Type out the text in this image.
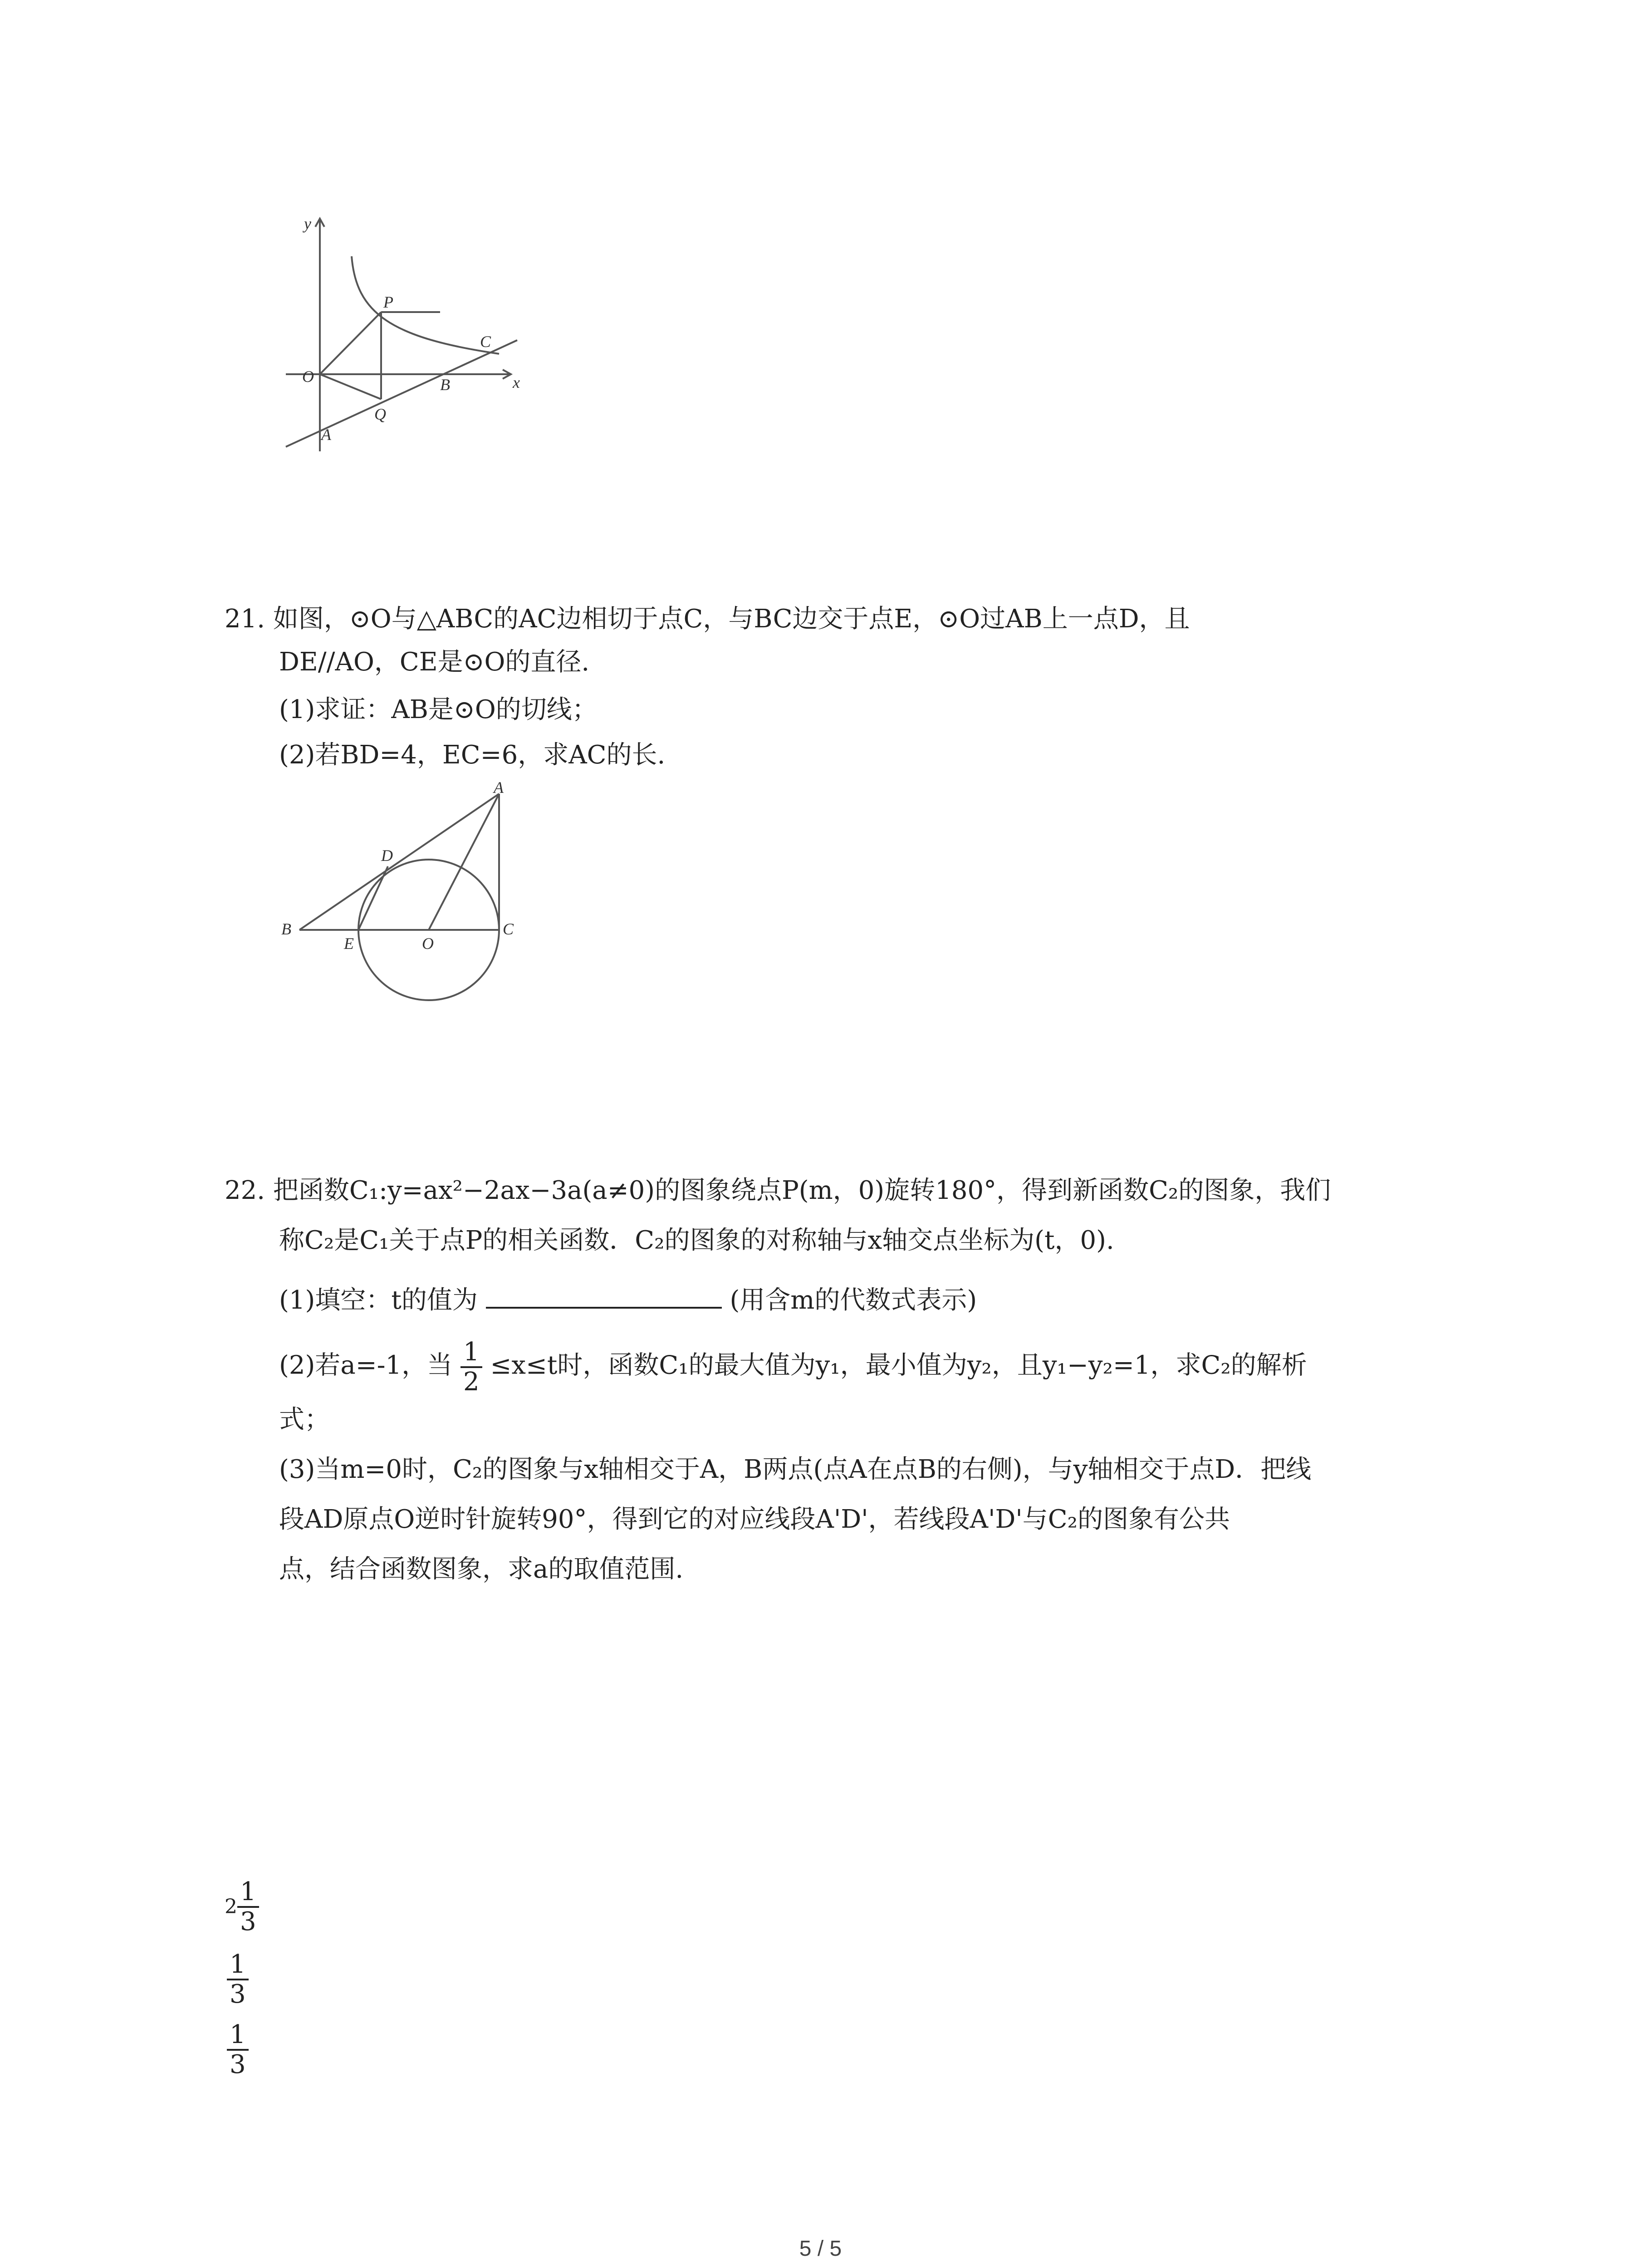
y
x
P
C
O	B
Q
A
21. 如图，⊙O与△ABC的AC边相切于点C，与BC边交于点E，⊙O过AB上一点D，且
DE//AO，CE是⊙O的直径.
(1)求证：AB是⊙O的切线；
(2)若BD=4，EC=6，求AC的长.
A
D
B
E	O
C
22. 把函数C₁:y=ax²−2ax−3a(a≠0)的图象绕点P(m，0)旋转180°，得到新函数C₂的图象，我们
称C₂是C₁关于点P的相关函数．C₂的图象的对称轴与x轴交点坐标为(t，0).
(1)填空：t的值为	(用含m的代数式表示)
(2)若a=-1，当 $\frac{1}{2} \le x\le t$时，函数C₁的最大值为y₁，最小值为y₂，且y₁−y₂=1，求C₂的解析
式；
(3)当m=0时，C₂的图象与x轴相交于A，B两点(点A在点B的右侧)，与y轴相交于点D．把线
段AD原点O逆时针旋转90°，得到它的对应线段A'D'，若线段A'D'与C₂的图象有公共
点，结合函数图象，求a的取值范围.
$2 \frac{1}{3}$
$\frac{1}{3}$
$\frac{1}{3}$
5 / 5
